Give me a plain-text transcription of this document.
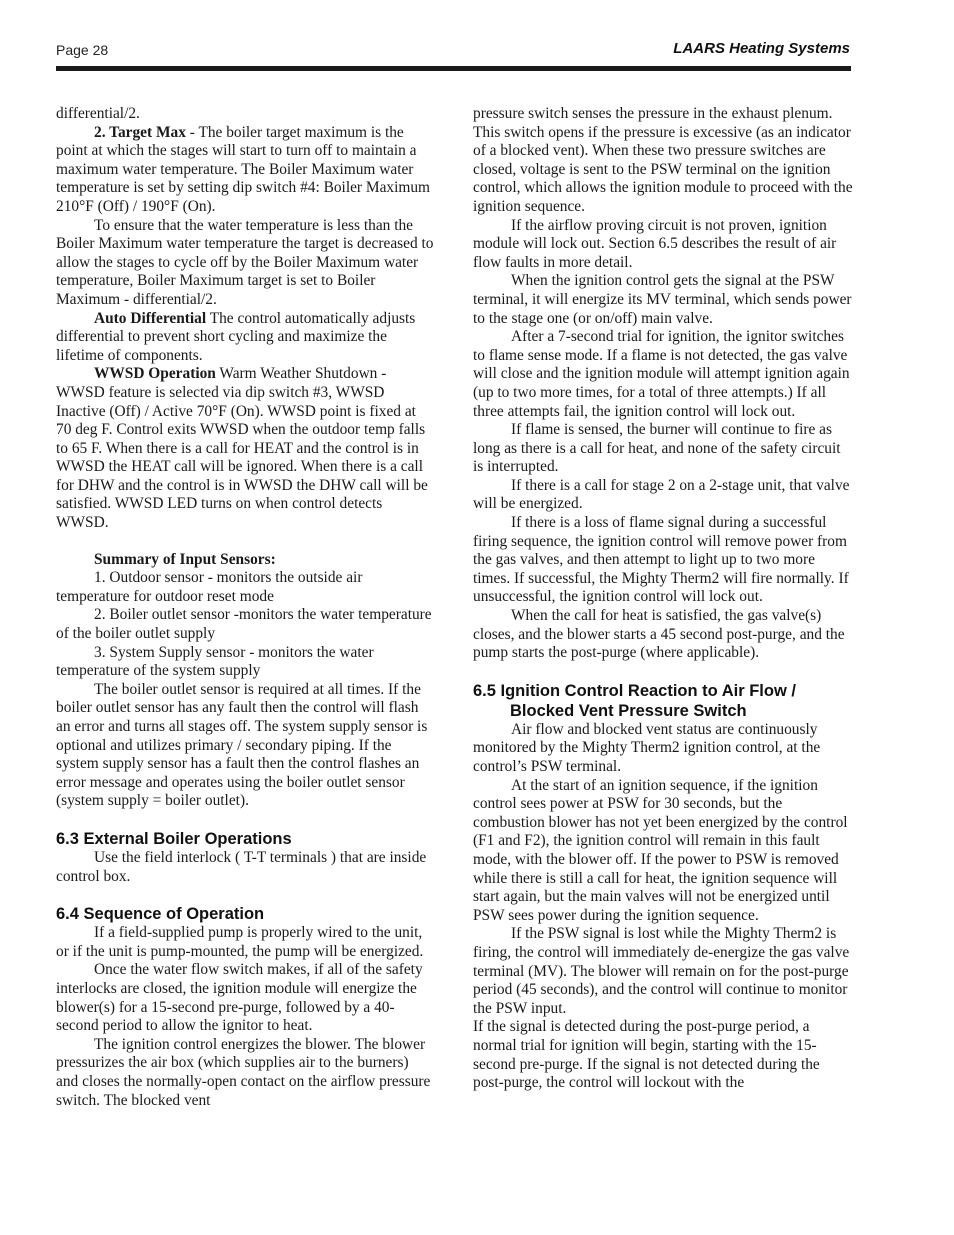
Page 28	LAARS Heating Systems

differential/2.

2. Target Max - The boiler target maximum is the point at which the stages will start to turn off to maintain a maximum water temperature. The Boiler Maximum water temperature is set by setting dip switch #4: Boiler Maximum 210°F (Off) / 190°F (On).

To ensure that the water temperature is less than the Boiler Maximum water temperature the target is decreased to allow the stages to cycle off by the Boiler Maximum water temperature, Boiler Maximum target is set to Boiler Maximum - differential/2.

Auto Differential The control automatically adjusts differential to prevent short cycling and maximize the lifetime of components.

WWSD Operation Warm Weather Shutdown - WWSD feature is selected via dip switch #3, WWSD Inactive (Off) / Active 70°F (On). WWSD point is fixed at 70 deg F. Control exits WWSD when the outdoor temp falls to 65 F. When there is a call for HEAT and the control is in WWSD the HEAT call will be ignored. When there is a call for DHW and the control is in WWSD the DHW call will be satisfied. WWSD LED turns on when control detects WWSD.

Summary of Input Sensors:

1. Outdoor sensor - monitors the outside air temperature for outdoor reset mode

2. Boiler outlet sensor -monitors the water temperature of the boiler outlet supply

3. System Supply sensor - monitors the water temperature of the system supply

The boiler outlet sensor is required at all times. If the boiler outlet sensor has any fault then the control will flash an error and turns all stages off. The system supply sensor is optional and utilizes primary / secondary piping. If the system supply sensor has a fault then the control flashes an error message and operates using the boiler outlet sensor (system supply = boiler outlet).

6.3 External Boiler Operations

Use the field interlock ( T-T terminals ) that are inside control box.

6.4 Sequence of Operation

If a field-supplied pump is properly wired to the unit, or if the unit is pump-mounted, the pump will be energized.

Once the water flow switch makes, if all of the safety interlocks are closed, the ignition module will energize the blower(s) for a 15-second pre-purge, followed by a 40-second period to allow the ignitor to heat.

The ignition control energizes the blower. The blower pressurizes the air box (which supplies air to the burners) and closes the normally-open contact on the airflow pressure switch. The blocked vent

pressure switch senses the pressure in the exhaust plenum. This switch opens if the pressure is excessive (as an indicator of a blocked vent). When these two pressure switches are closed, voltage is sent to the PSW terminal on the ignition control, which allows the ignition module to proceed with the ignition sequence.

If the airflow proving circuit is not proven, ignition module will lock out. Section 6.5 describes the result of air flow faults in more detail.

When the ignition control gets the signal at the PSW terminal, it will energize its MV terminal, which sends power to the stage one (or on/off) main valve.

After a 7-second trial for ignition, the ignitor switches to flame sense mode. If a flame is not detected, the gas valve will close and the ignition module will attempt ignition again (up to two more times, for a total of three attempts.) If all three attempts fail, the ignition control will lock out.

If flame is sensed, the burner will continue to fire as long as there is a call for heat, and none of the safety circuit is interrupted.

If there is a call for stage 2 on a 2-stage unit, that valve will be energized.

If there is a loss of flame signal during a successful firing sequence, the ignition control will remove power from the gas valves, and then attempt to light up to two more times. If successful, the Mighty Therm2 will fire normally. If unsuccessful, the ignition control will lock out.

When the call for heat is satisfied, the gas valve(s) closes, and the blower starts a 45 second post-purge, and the pump starts the post-purge (where applicable).

6.5 Ignition Control Reaction to Air Flow /
Blocked Vent Pressure Switch

Air flow and blocked vent status are continuously monitored by the Mighty Therm2 ignition control, at the control’s PSW terminal.

At the start of an ignition sequence, if the ignition control sees power at PSW for 30 seconds, but the combustion blower has not yet been energized by the control (F1 and F2), the ignition control will remain in this fault mode, with the blower off. If the power to PSW is removed while there is still a call for heat, the ignition sequence will start again, but the main valves will not be energized until PSW sees power during the ignition sequence.

If the PSW signal is lost while the Mighty Therm2 is firing, the control will immediately de-energize the gas valve terminal (MV). The blower will remain on for the post-purge period (45 seconds), and the control will continue to monitor the PSW input.

If the signal is detected during the post-purge period, a normal trial for ignition will begin, starting with the 15-second pre-purge. If the signal is not detected during the post-purge, the control will lockout with the
